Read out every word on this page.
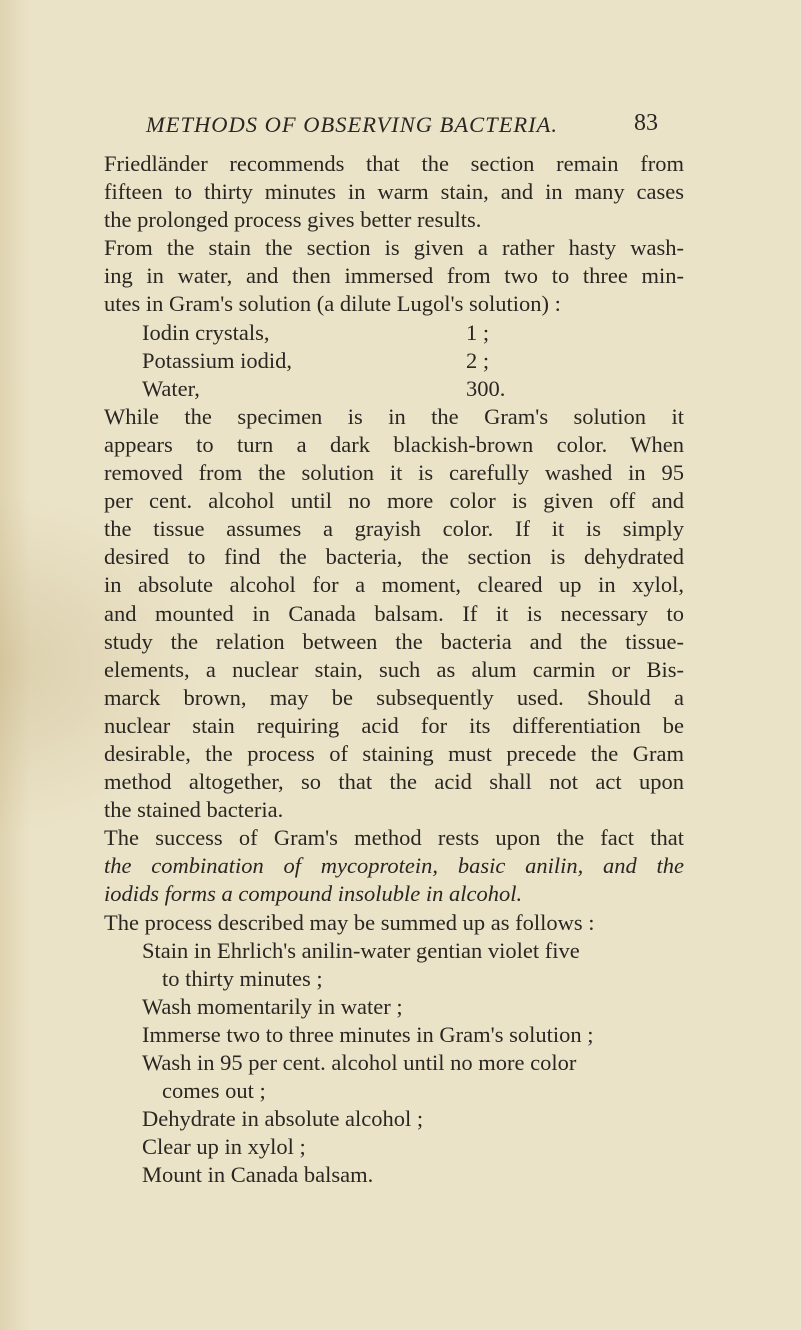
METHODS OF OBSERVING BACTERIA.	83
Friedländer recommends that the section remain from
fifteen to thirty minutes in warm stain, and in many cases
the prolonged process gives better results.
From the stain the section is given a rather hasty wash-
ing in water, and then immersed from two to three min-
utes in Gram's solution (a dilute Lugol's solution) :
Iodin crystals,	1 ;
Potassium iodid,	2 ;
Water,	300.
While the specimen is in the Gram's solution it
appears to turn a dark blackish-brown color. When
removed from the solution it is carefully washed in 95
per cent. alcohol until no more color is given off and
the tissue assumes a grayish color. If it is simply
desired to find the bacteria, the section is dehydrated
in absolute alcohol for a moment, cleared up in xylol,
and mounted in Canada balsam. If it is necessary to
study the relation between the bacteria and the tissue-
elements, a nuclear stain, such as alum carmin or Bis-
marck brown, may be subsequently used. Should a
nuclear stain requiring acid for its differentiation be
desirable, the process of staining must precede the Gram
method altogether, so that the acid shall not act upon
the stained bacteria.
The success of Gram's method rests upon the fact that
the combination of mycoprotein, basic anilin, and the
iodids forms a compound insoluble in alcohol.
The process described may be summed up as follows :
Stain in Ehrlich's anilin-water gentian violet five
to thirty minutes ;
Wash momentarily in water ;
Immerse two to three minutes in Gram's solution ;
Wash in 95 per cent. alcohol until no more color
comes out ;
Dehydrate in absolute alcohol ;
Clear up in xylol ;
Mount in Canada balsam.
